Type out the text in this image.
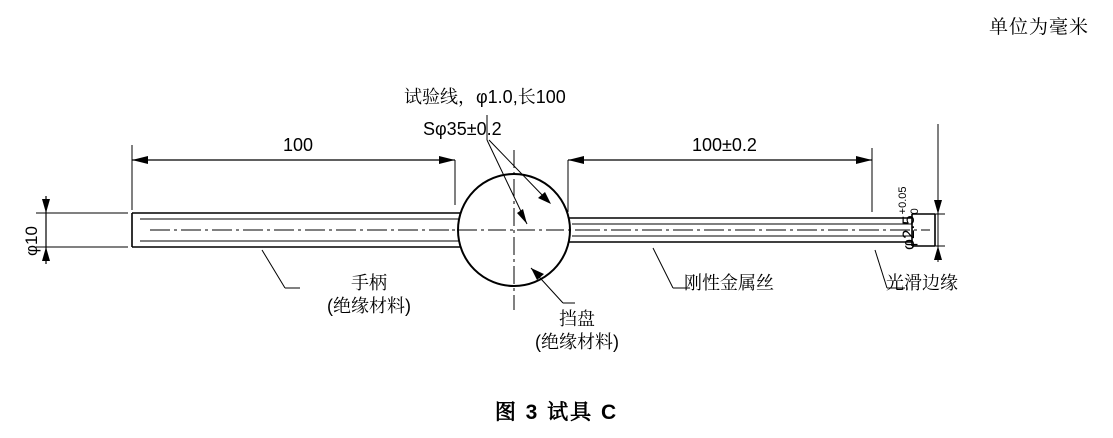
单位为毫米
试验线，φ1.0,长100
Sφ35±0.2
100	100±0.2
手柄
(绝缘材料)
挡盘
(绝缘材料)
刚性金属丝	光滑边缘
φ10	φ2.5
+0.05 0
图 3 试具 C
